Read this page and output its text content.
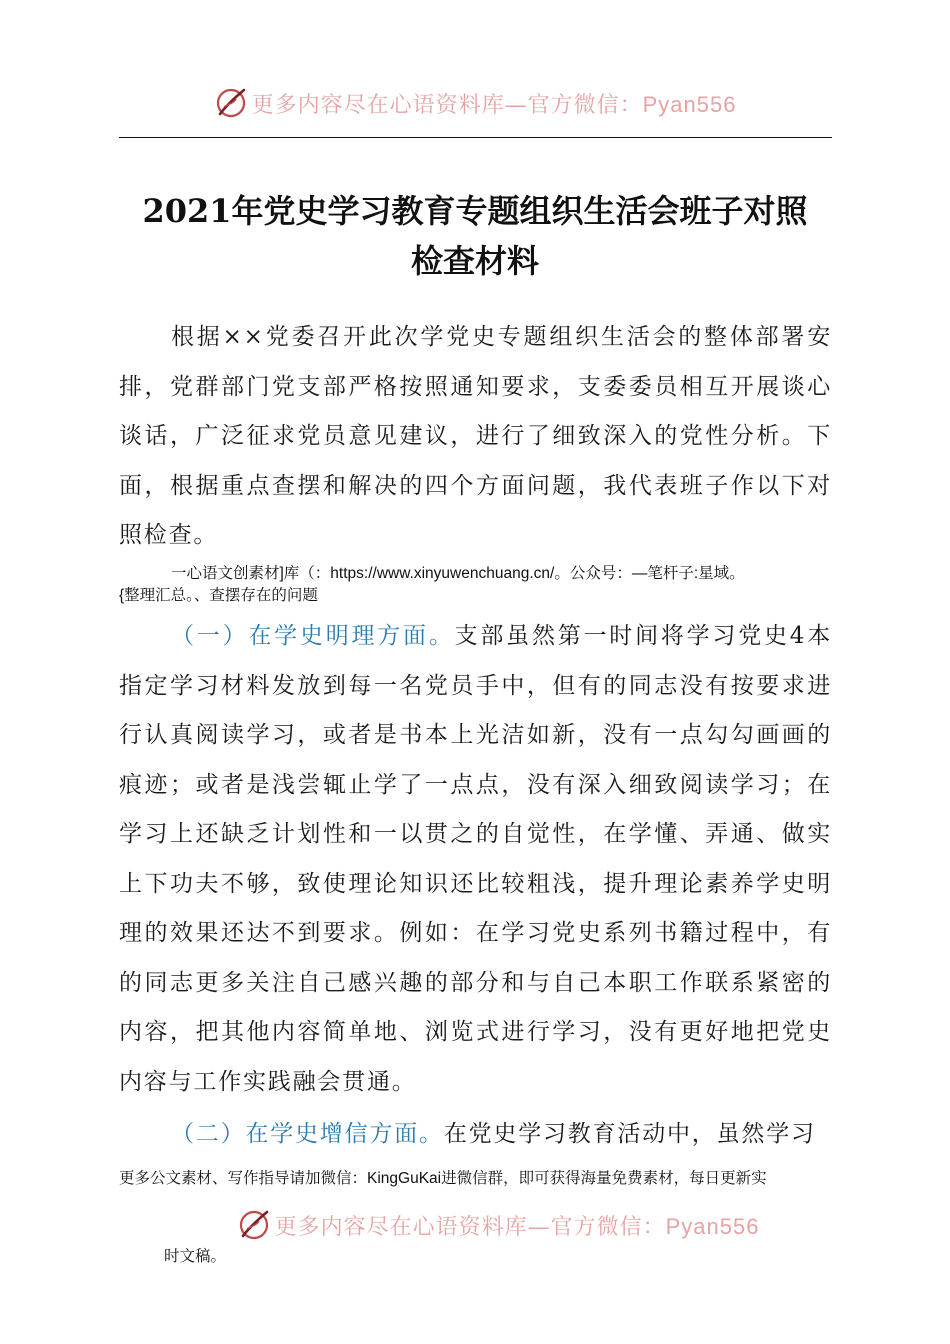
更多内容尽在心语资料库—官方微信：Pyan556
2021年党史学习教育专题组织生活会班子对照
检查材料

根据××党委召开此次学党史专题组织生活会的整体部署安排，党群部门党支部严格按照通知要求，支委委员相互开展谈心谈话，广泛征求党员意见建议，进行了细致深入的党性分析。下面，根据重点查摆和解决的四个方面问题，我代表班子作以下对照检查。

一心语文创素材]库（：https://www.xinyuwenchuang.cn/。公众号：—笔杆子:星域。
{整理汇总。、查摆存在的问题

（一）在学史明理方面。支部虽然第一时间将学习党史4本指定学习材料发放到每一名党员手中，但有的同志没有按要求进行认真阅读学习，或者是书本上光洁如新，没有一点勾勾画画的痕迹；或者是浅尝辄止学了一点点，没有深入细致阅读学习；在学习上还缺乏计划性和一以贯之的自觉性，在学懂、弄通、做实上下功夫不够，致使理论知识还比较粗浅，提升理论素养学史明理的效果还达不到要求。例如：在学习党史系列书籍过程中，有的同志更多关注自己感兴趣的部分和与自己本职工作联系紧密的内容，把其他内容简单地、浏览式进行学习，没有更好地把党史内容与工作实践融会贯通。

（二）在学史增信方面。在党史学习教育活动中，虽然学习

更多公文素材、写作指导请加微信：KingGuKai进微信群，即可获得海量免费素材，每日更新实
更多内容尽在心语资料库—官方微信：Pyan556
时文稿。
